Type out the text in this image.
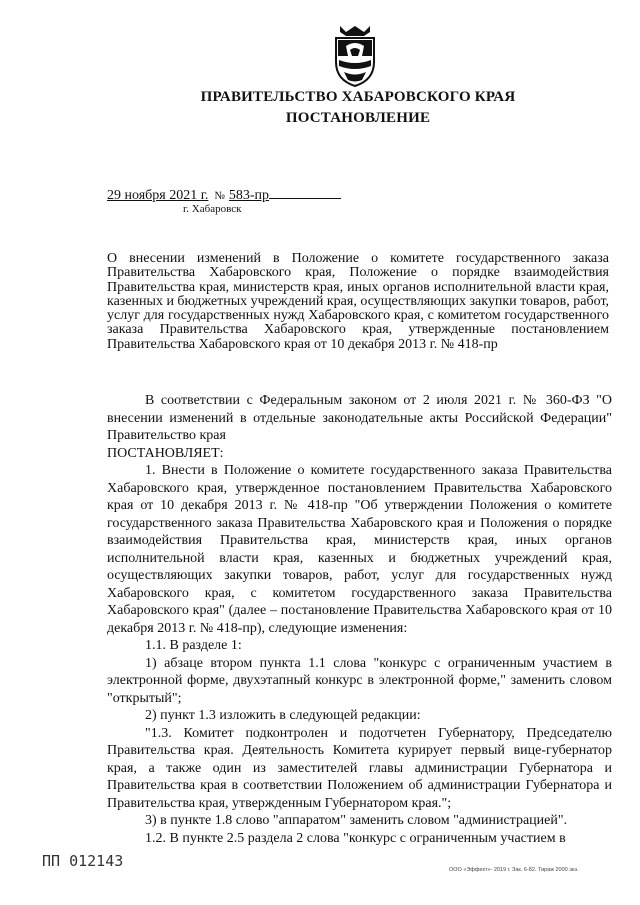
ПРАВИТЕЛЬСТВО ХАБАРОВСКОГО КРАЯ
ПОСТАНОВЛЕНИЕ
29 ноября 2021 г. № 583-пр
г. Хабаровск
О внесении изменений в Положение о комитете государственного заказа Правительства Хабаровского края, Положение о порядке взаимодействия Правительства края, министерств края, иных органов исполнительной власти края, казенных и бюджетных учреждений края, осуществляющих закупки товаров, работ, услуг для государственных нужд Хабаровского края, с комитетом государственного заказа Правительства Хабаровского края, утвержденные постановлением Правительства Хабаровского края от 10 декабря 2013 г. № 418-пр

В соответствии с Федеральным законом от 2 июля 2021 г. № 360-ФЗ "О внесении изменений в отдельные законодательные акты Российской Федерации" Правительство края

ПОСТАНОВЛЯЕТ:

1. Внести в Положение о комитете государственного заказа Правительства Хабаровского края, утвержденное постановлением Правительства Хабаровского края от 10 декабря 2013 г. № 418-пр "Об утверждении Положения о комитете государственного заказа Правительства Хабаровского края и Положения о порядке взаимодействия Правительства края, министерств края, иных органов исполнительной власти края, казенных и бюджетных учреждений края, осуществляющих закупки товаров, работ, услуг для государственных нужд Хабаровского края, с комитетом государственного заказа Правительства Хабаровского края" (далее – постановление Правительства Хабаровского края от 10 декабря 2013 г. № 418-пр), следующие изменения:

1.1. В разделе 1:

1) абзаце втором пункта 1.1 слова "конкурс с ограниченным участием в электронной форме, двухэтапный конкурс в электронной форме," заменить словом "открытый";

2) пункт 1.3 изложить в следующей редакции:

"1.3. Комитет подконтролен и подотчетен Губернатору, Председателю Правительства края. Деятельность Комитета курирует первый вице-губернатор края, а также один из заместителей главы администрации Губернатора и Правительства края в соответствии Положением об администрации Губернатора и Правительства края, утвержденным Губернатором края.";

3) в пункте 1.8 слово "аппаратом" заменить словом "администрацией".

1.2. В пункте 2.5 раздела 2 слова "конкурс с ограниченным участием в

ПП 012143	ООО «Эффект»- 2019 г. Зак. 6-82. Тираж 2000 экз.
